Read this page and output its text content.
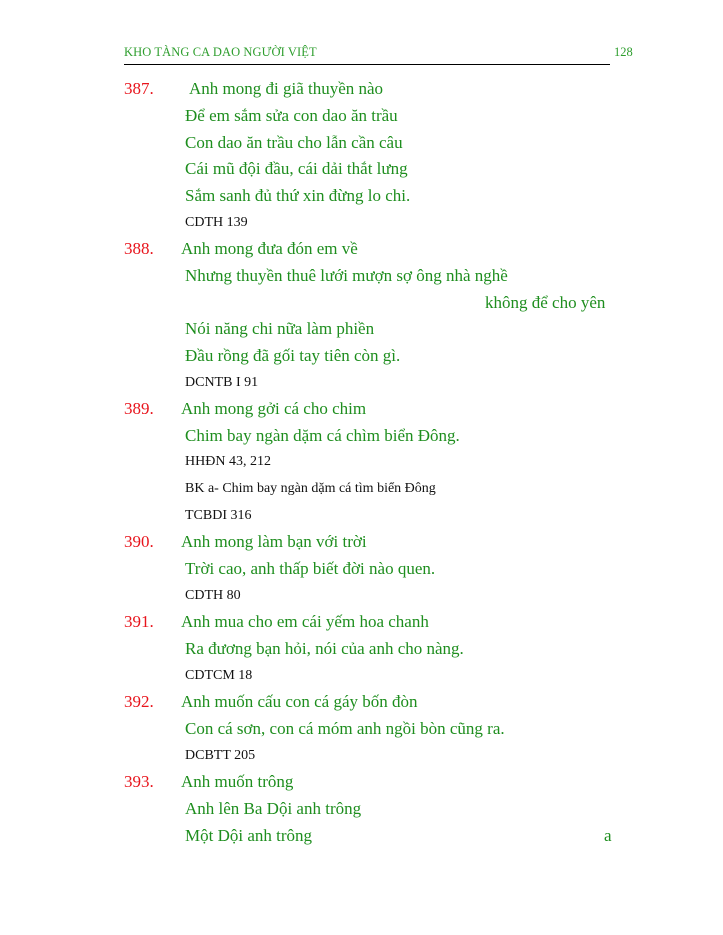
KHO TÀNG CA DAO NGƯỜI VIỆT	128
387. Anh mong đi giã thuyền nào
Để em sắm sửa con dao ăn trầu
Con dao ăn trầu cho lẫn cần câu
Cái mũ đội đầu, cái dải thắt lưng
Sắm sanh đủ thứ xin đừng lo chi.
CDTH 139
388. Anh mong đưa đón em về
Nhưng thuyền thuê lưới mượn sợ ông nhà nghề
không để cho yên
Nói năng chi nữa làm phiền
Đầu rồng đã gối tay tiên còn gì.
DCNTB I 91
389. Anh mong gởi cá cho chim
Chim bay ngàn dặm cá chìm biển Đông.
HHĐN 43, 212
BK a- Chim bay ngàn dặm cá tìm biển Đông
TCBDI 316
390. Anh mong làm bạn với trời
Trời cao, anh thấp biết đời nào quen.
CDTH 80
391. Anh mua cho em cái yếm hoa chanh
Ra đương bạn hỏi, nói của anh cho nàng.
CDTCM 18
392. Anh muốn cấu con cá gáy bốn đòn
Con cá sơn, con cá móm anh ngồi bòn cũng ra.
DCBTT 205
393. Anh muốn trông
Anh lên Ba Dội anh trông
Một Dội anh trông	a
